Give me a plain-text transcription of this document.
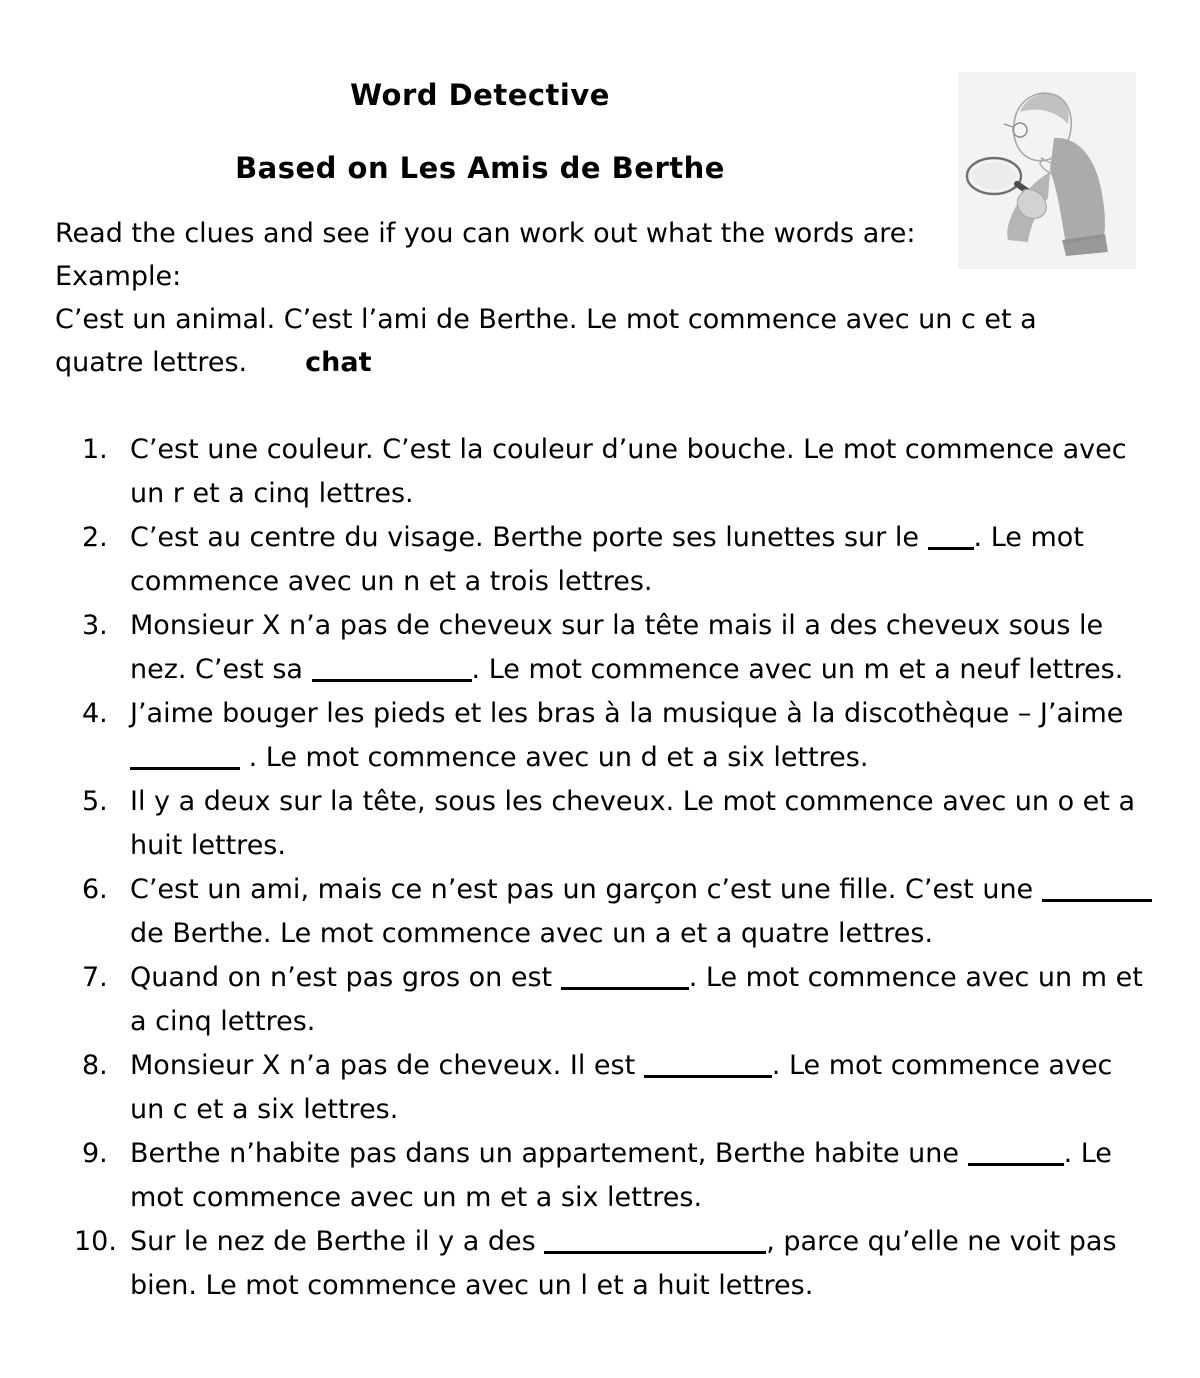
Word Detective
Based on Les Amis de Berthe

Read the clues and see if you can work out what the words are:

Example:

C’est un animal. C’est l’ami de Berthe. Le mot commence avec un c et a quatre lettres. chat

1. C’est une couleur. C’est la couleur d’une bouche. Le mot commence avec un r et a cinq lettres.
2. C’est au centre du visage. Berthe porte ses lunettes sur le . Le mot commence avec un n et a trois lettres.
3. Monsieur X n’a pas de cheveux sur la tête mais il a des cheveux sous le nez. C’est sa	. Le mot commence avec un m et a neuf lettres.
4. J’aime bouger les pieds et les bras à la musique à la discothèque – J’aime  . Le mot commence avec un d et a six lettres.
5. Il y a deux sur la tête, sous les cheveux. Le mot commence avec un o et a huit lettres.
6. C’est un ami, mais ce n’est pas un garçon c’est une fille. C’est une  de Berthe. Le mot commence avec un a et a quatre lettres.
7. Quand on n’est pas gros on est	. Le mot commence avec un m et a cinq lettres.
8. Monsieur X n’a pas de cheveux. Il est	. Le mot commence avec un c et a six lettres.
9. Berthe n’habite pas dans un appartement, Berthe habite une	. Le mot commence avec un m et a six lettres.
10. Sur le nez de Berthe il y a des	, parce qu’elle ne voit pas bien. Le mot commence avec un l et a huit lettres.
